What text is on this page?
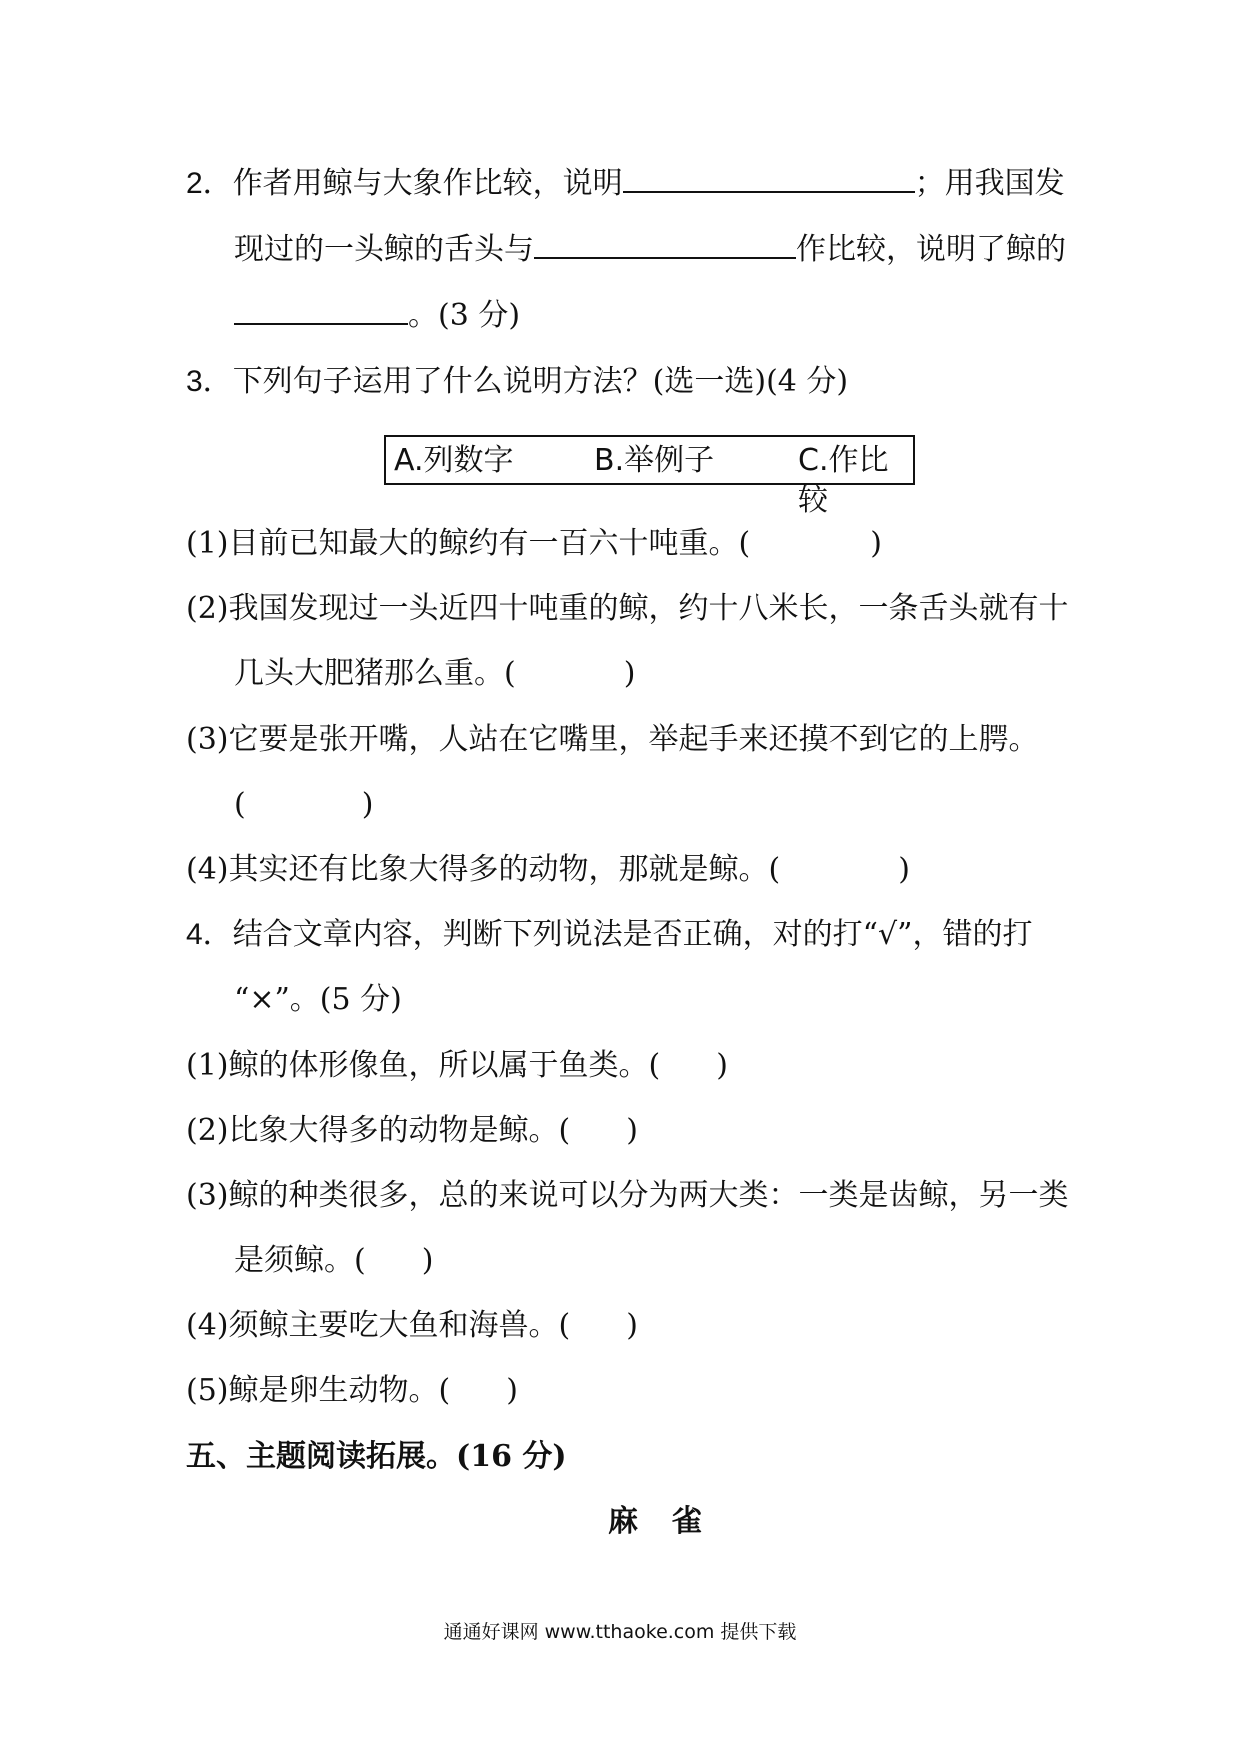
2．作者用鲸与大象作比较，说明	；用我国发
现过的一头鲸的舌头与	作比较，说明了鲸的
。(3 分)
3．下列句子运用了什么说明方法？(选一选)(4 分)
A.列数字	B.举例子	C.作比较
(1)目前已知最大的鲸约有一百六十吨重。(	)
(2)我国发现过一头近四十吨重的鲸，约十八米长，一条舌头就有十
几头大肥猪那么重。(	)
(3)它要是张开嘴，人站在它嘴里，举起手来还摸不到它的上腭。
(	)
(4)其实还有比象大得多的动物，那就是鲸。(	)
4．结合文章内容，判断下列说法是否正确，对的打“√”，错的打
“×”。(5 分)
(1)鲸的体形像鱼，所以属于鱼类。( )
(2)比象大得多的动物是鲸。( )
(3)鲸的种类很多，总的来说可以分为两大类：一类是齿鲸，另一类
是须鲸。( )
(4)须鲸主要吃大鱼和海兽。( )
(5)鲸是卵生动物。( )
五、主题阅读拓展。(16 分)
麻雀
通通好课网 www.tthaoke.com 提供下载
